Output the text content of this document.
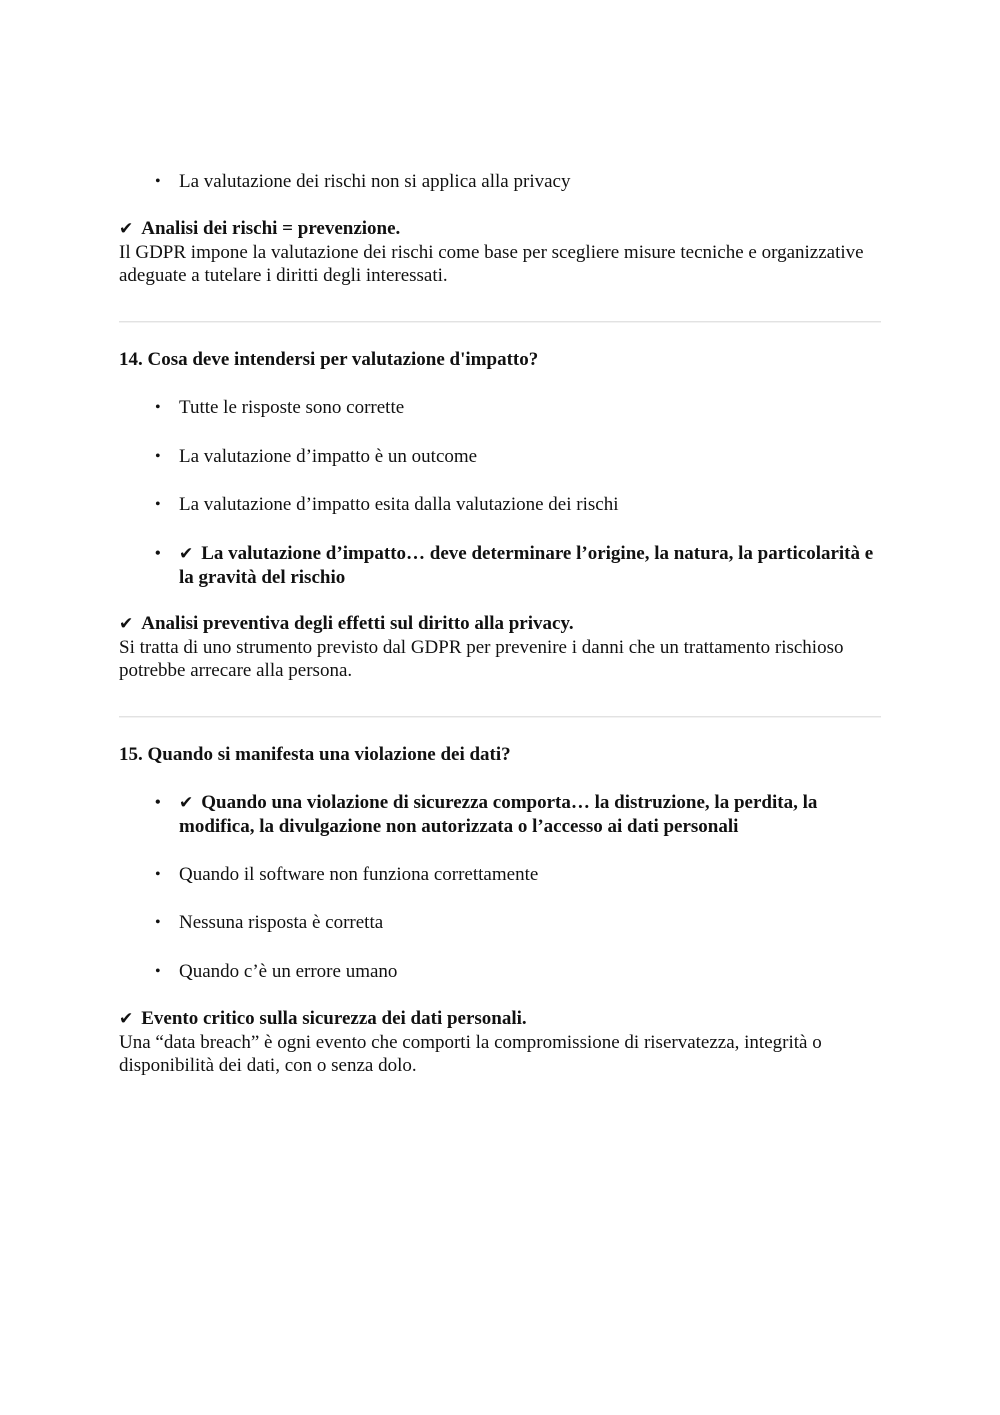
• La valutazione dei rischi non si applica alla privacy
✔ Analisi dei rischi = prevenzione.
Il GDPR impone la valutazione dei rischi come base per scegliere misure tecniche e organizzative adeguate a tutelare i diritti degli interessati.
14. Cosa deve intendersi per valutazione d'impatto?
• Tutte le risposte sono corrette
• La valutazione d’impatto è un outcome
• La valutazione d’impatto esita dalla valutazione dei rischi
• ✔ La valutazione d’impatto… deve determinare l’origine, la natura, la particolarità e la gravità del rischio
✔ Analisi preventiva degli effetti sul diritto alla privacy.
Si tratta di uno strumento previsto dal GDPR per prevenire i danni che un trattamento rischioso potrebbe arrecare alla persona.
15. Quando si manifesta una violazione dei dati?
• ✔ Quando una violazione di sicurezza comporta… la distruzione, la perdita, la modifica, la divulgazione non autorizzata o l’accesso ai dati personali
• Quando il software non funziona correttamente
• Nessuna risposta è corretta
• Quando c’è un errore umano
✔ Evento critico sulla sicurezza dei dati personali.
Una “data breach” è ogni evento che comporti la compromissione di riservatezza, integrità o disponibilità dei dati, con o senza dolo.
